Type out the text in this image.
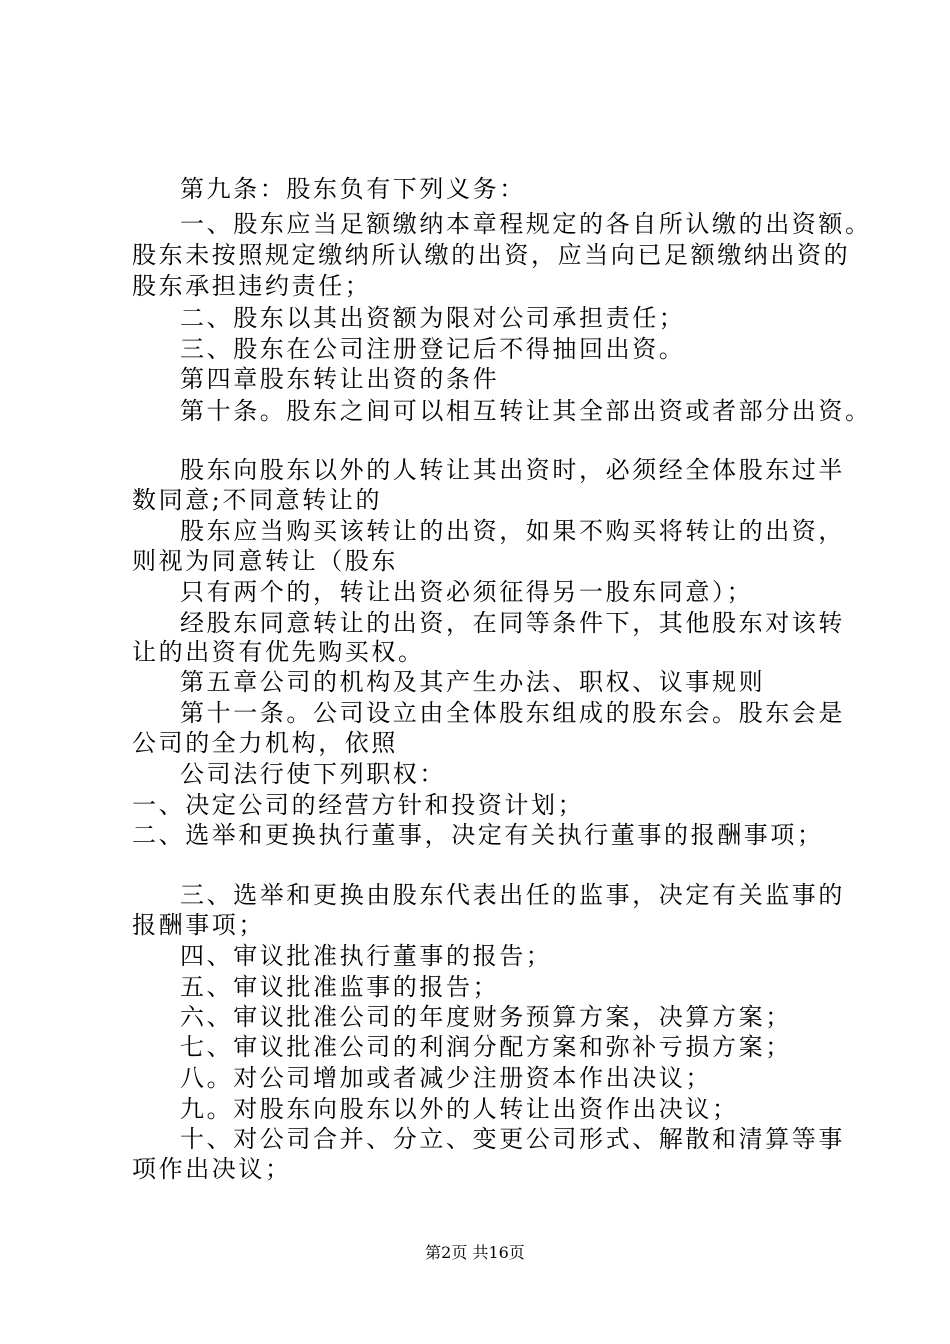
第九条：股东负有下列义务：
一、股东应当足额缴纳本章程规定的各自所认缴的出资额。
股东未按照规定缴纳所认缴的出资，应当向已足额缴纳出资的
股东承担违约责任；
二、股东以其出资额为限对公司承担责任；
三、股东在公司注册登记后不得抽回出资。
第四章股东转让出资的条件
第十条。股东之间可以相互转让其全部出资或者部分出资。
股东向股东以外的人转让其出资时，必须经全体股东过半
数同意;不同意转让的
股东应当购买该转让的出资，如果不购买将转让的出资，
则视为同意转让（股东
只有两个的，转让出资必须征得另一股东同意）；
经股东同意转让的出资，在同等条件下，其他股东对该转
让的出资有优先购买权。
第五章公司的机构及其产生办法、职权、议事规则
第十一条。公司设立由全体股东组成的股东会。股东会是
公司的全力机构，依照
公司法行使下列职权：
一、决定公司的经营方针和投资计划；
二、选举和更换执行董事，决定有关执行董事的报酬事项；
三、选举和更换由股东代表出任的监事，决定有关监事的
报酬事项；
四、审议批准执行董事的报告；
五、审议批准监事的报告；
六、审议批准公司的年度财务预算方案，决算方案；
七、审议批准公司的利润分配方案和弥补亏损方案；
八。对公司增加或者减少注册资本作出决议；
九。对股东向股东以外的人转让出资作出决议；
十、对公司合并、分立、变更公司形式、解散和清算等事
项作出决议；
第2页 共16页
